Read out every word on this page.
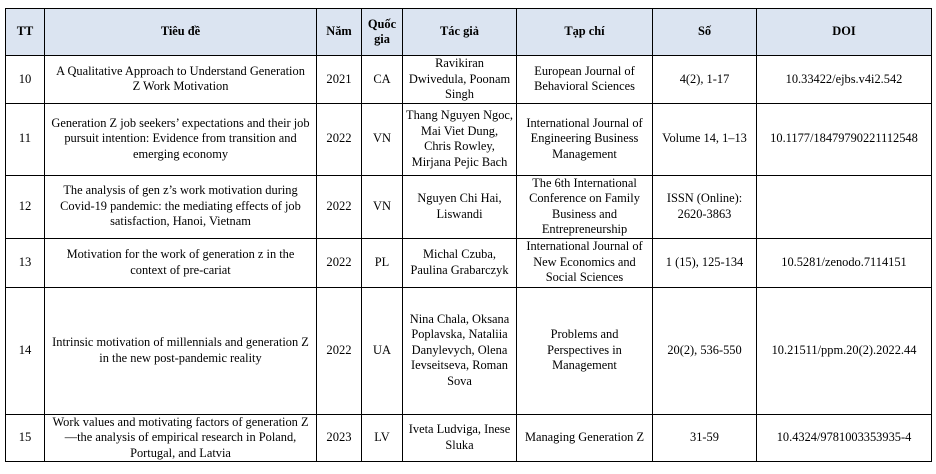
TT	Tiêu đề	Năm	Quốc gia	Tác giả	Tạp chí	Số	DOI
10	A Qualitative Approach to Understand Generation Z Work Motivation	2021	CA	Ravikiran Dwivedula, Poonam Singh	European Journal of Behavioral Sciences	4(2), 1-17	10.33422/ejbs.v4i2.542
11	Generation Z job seekers’ expectations and their job pursuit intention: Evidence from transition and emerging economy	2022	VN	Thang Nguyen Ngoc, Mai Viet Dung, Chris Rowley, Mirjana Pejic Bach	International Journal of Engineering Business Management	Volume 14, 1–13	10.1177/18479790221112548
12	The analysis of gen z’s work motivation during Covid-19 pandemic: the mediating effects of job satisfaction, Hanoi, Vietnam	2022	VN	Nguyen Chi Hai, Liswandi	The 6th International Conference on Family Business and Entrepreneurship	ISSN (Online): 2620-3863	
13	Motivation for the work of generation z in the context of pre-cariat	2022	PL	Michal Czuba, Paulina Grabarczyk	International Journal of New Economics and Social Sciences	1 (15), 125-134	10.5281/zenodo.7114151
14	Intrinsic motivation of millennials and generation Z in the new post-pandemic reality	2022	UA	Nina Chala, Oksana Poplavska, Nataliia Danylevych, Olena Ievseitseva, Roman Sova	Problems and Perspectives in Management	20(2), 536-550	10.21511/ppm.20(2).2022.44
15	Work values and motivating factors of generation Z—the analysis of empirical research in Poland, Portugal, and Latvia	2023	LV	Iveta Ludviga, Inese Sluka	Managing Generation Z	31-59	10.4324/9781003353935-4
